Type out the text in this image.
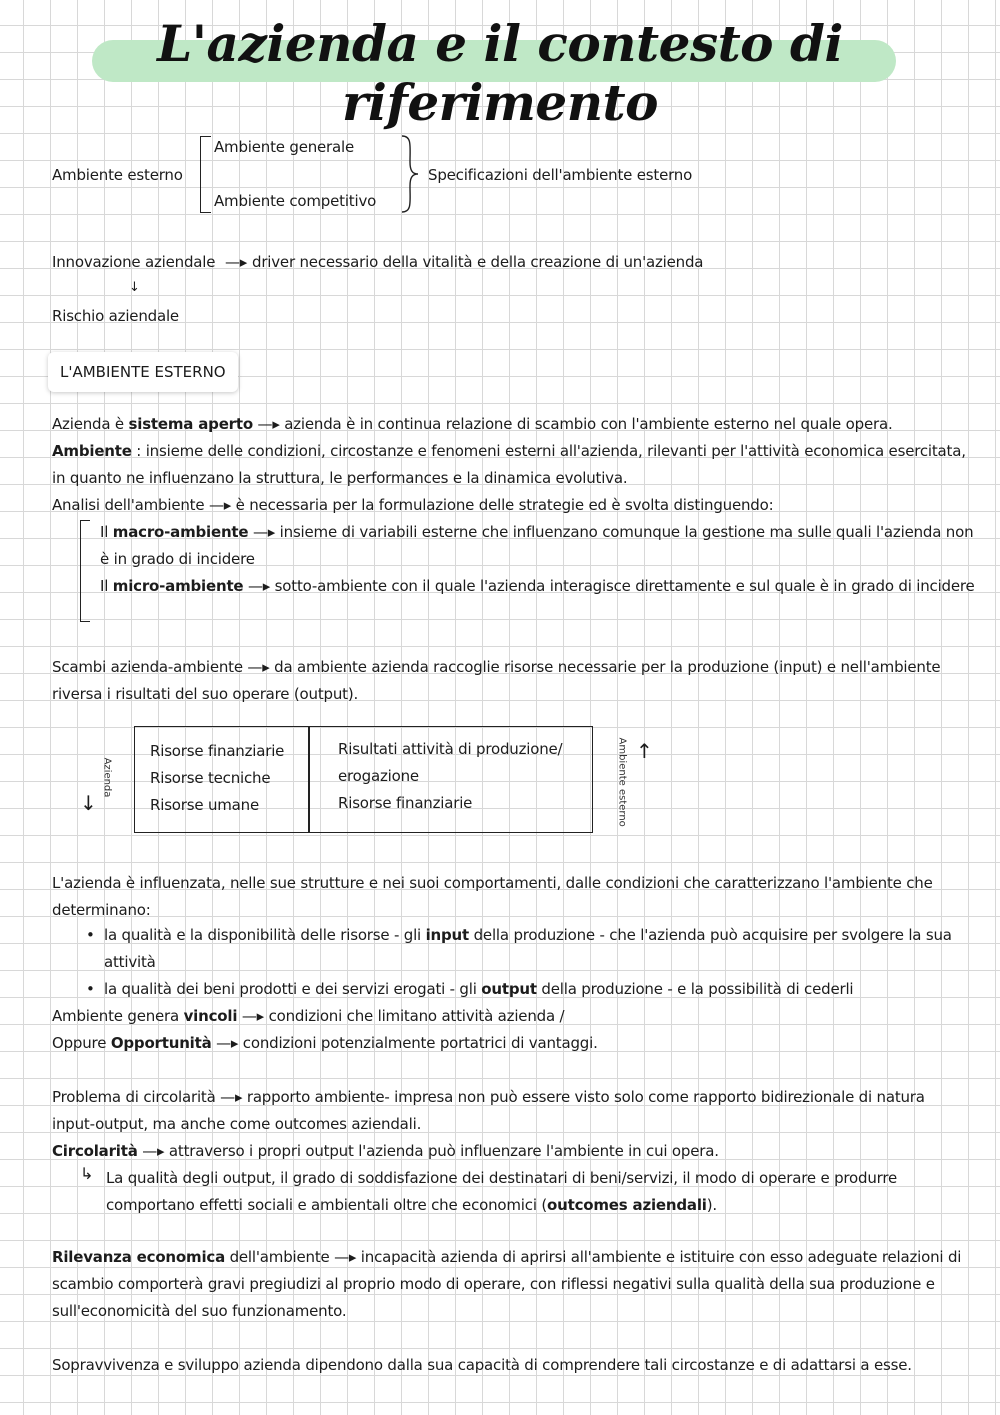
L'azienda e il contesto di riferimento
Ambiente esterno
Ambiente generale
Ambiente competitivo
Specificazioni dell'ambiente esterno
Innovazione aziendale —▸ driver necessario della vitalità e della creazione di un'azienda
↓
Rischio aziendale
L'AMBIENTE ESTERNO
Azienda è sistema aperto —▸ azienda è in continua relazione di scambio con l'ambiente esterno nel quale opera.
Ambiente : insieme delle condizioni, circostanze e fenomeni esterni all'azienda, rilevanti per l'attività economica esercitata, in quanto ne influenzano la struttura, le performances e la dinamica evolutiva.
Analisi dell'ambiente —▸ è necessaria per la formulazione delle strategie ed è svolta distinguendo:
Il macro-ambiente —▸ insieme di variabili esterne che influenzano comunque la gestione ma sulle quali l'azienda non è in grado di incidere
Il micro-ambiente —▸ sotto-ambiente con il quale l'azienda interagisce direttamente e sul quale è in grado di incidere
Scambi azienda-ambiente —▸ da ambiente azienda raccoglie risorse necessarie per la produzione (input) e nell'ambiente riversa i risultati del suo operare (output).
↓
Azienda
Risorse finanziarie
Risorse tecniche
Risorse umane
Risultati attività di produzione/ erogazione
Risorse finanziarie	Ambiente esterno ↑
L'azienda è influenzata, nelle sue strutture e nei suoi comportamenti, dalle condizioni che caratterizzano l'ambiente che determinano:
• la qualità e la disponibilità delle risorse - gli input della produzione - che l'azienda può acquisire per svolgere la sua attività
• la qualità dei beni prodotti e dei servizi erogati - gli output della produzione - e la possibilità di cederli
Ambiente genera vincoli —▸ condizioni che limitano attività azienda /
Oppure Opportunità —▸ condizioni potenzialmente portatrici di vantaggi.
Problema di circolarità —▸ rapporto ambiente- impresa non può essere visto solo come rapporto bidirezionale di natura input-output, ma anche come outcomes aziendali.
Circolarità —▸ attraverso i propri output l'azienda può influenzare l'ambiente in cui opera.
↳ La qualità degli output, il grado di soddisfazione dei destinatari di beni/servizi, il modo di operare e produrre comportano effetti sociali e ambientali oltre che economici (outcomes aziendali).
Rilevanza economica dell'ambiente —▸ incapacità azienda di aprirsi all'ambiente e istituire con esso adeguate relazioni di scambio comporterà gravi pregiudizi al proprio modo di operare, con riflessi negativi sulla qualità della sua produzione e sull'economicità del suo funzionamento.
Sopravvivenza e sviluppo azienda dipendono dalla sua capacità di comprendere tali circostanze e di adattarsi a esse.
